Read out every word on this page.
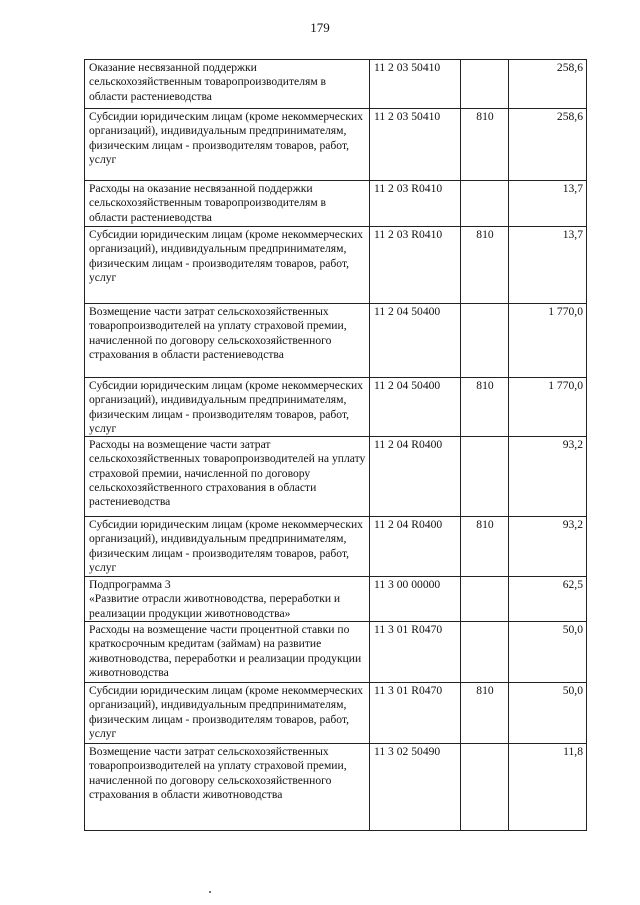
179
Оказание несвязанной поддержки сельскохозяйственным товаропроизводителям в области растениеводства	11 2 03 50410		258,6
Субсидии юридическим лицам (кроме некоммерческих организаций), индивидуальным предпринимателям, физическим лицам - производителям товаров, работ, услуг	11 2 03 50410	810	258,6
Расходы на оказание несвязанной поддержки сельскохозяйственным товаропроизводителям в области растениеводства	11 2 03 R0410		13,7
Субсидии юридическим лицам (кроме некоммерческих организаций), индивидуальным предпринимателям, физическим лицам - производителям товаров, работ, услуг	11 2 03 R0410	810	13,7
Возмещение части затрат сельскохозяйственных товаропроизводителей на уплату страховой премии, начисленной по договору сельскохозяйственного страхования в области растениеводства	11 2 04 50400		1 770,0
Субсидии юридическим лицам (кроме некоммерческих организаций), индивидуальным предпринимателям, физическим лицам - производителям товаров, работ, услуг	11 2 04 50400	810	1 770,0
Расходы на возмещение части затрат сельскохозяйственных товаропроизводителей на уплату страховой премии, начисленной по договору сельскохозяйственного страхования в области растениеводства	11 2 04 R0400		93,2
Субсидии юридическим лицам (кроме некоммерческих организаций), индивидуальным предпринимателям, физическим лицам - производителям товаров, работ, услуг	11 2 04 R0400	810	93,2

Подпрограмма 3
«Развитие отрасли животноводства, переработки и реализации продукции животноводства»	11 3 00 00000		62,5
Расходы на возмещение части процентной ставки по краткосрочным кредитам (займам) на развитие животноводства, переработки и реализации продукции животноводства	11 3 01 R0470		50,0
Субсидии юридическим лицам (кроме некоммерческих организаций), индивидуальным предпринимателям, физическим лицам - производителям товаров, работ, услуг	11 3 01 R0470	810	50,0
Возмещение части затрат сельскохозяйственных товаропроизводителей на уплату страховой премии, начисленной по договору сельскохозяйственного страхования в области животноводства	11 3 02 50490		11,8
